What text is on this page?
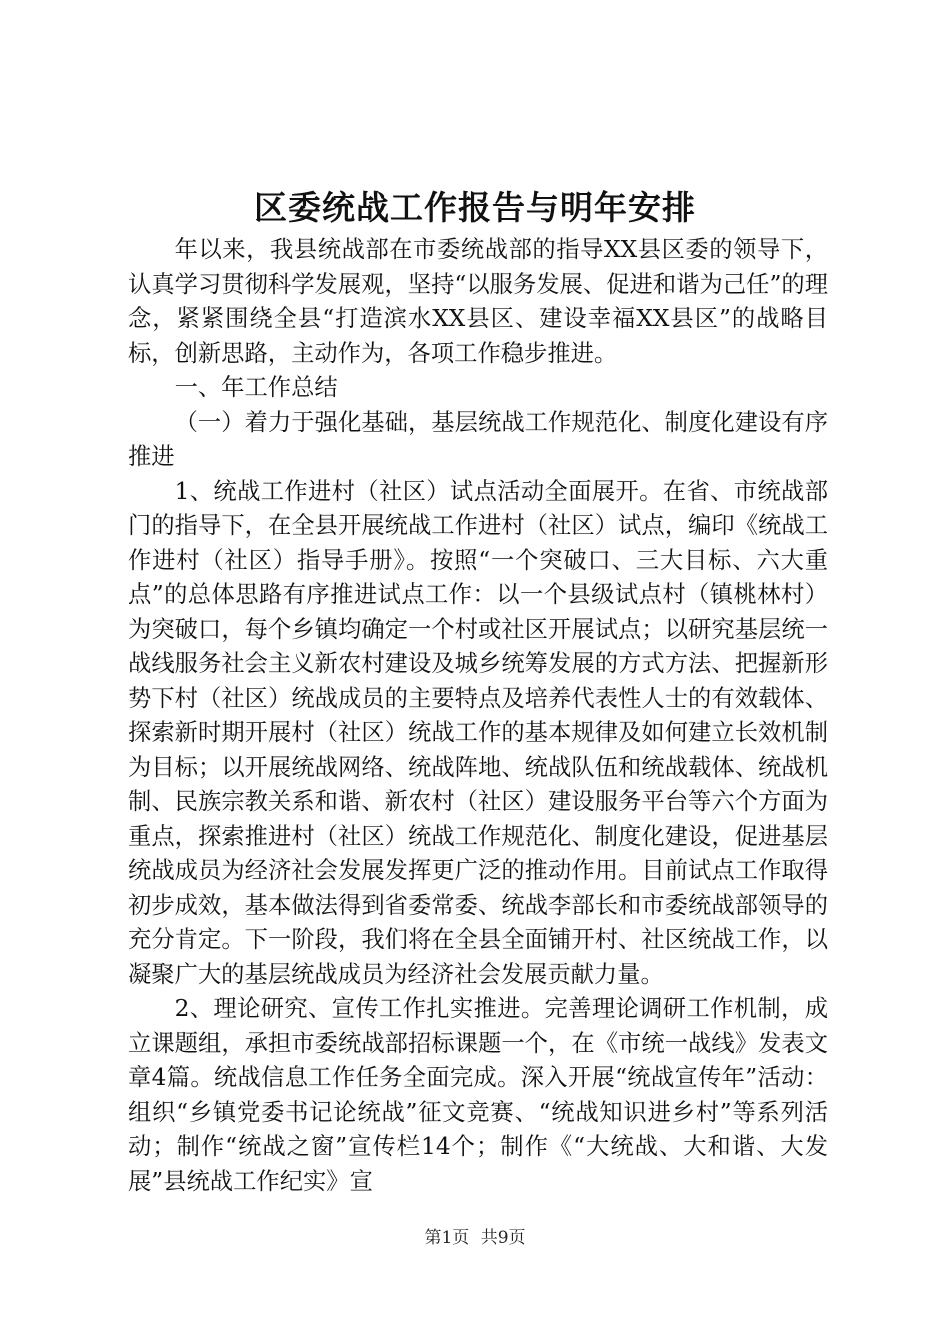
区委统战工作报告与明年安排

年以来，我县统战部在市委统战部的指导XX县区委的领导下，认真学习贯彻科学发展观，坚持“以服务发展、促进和谐为己任”的理念，紧紧围绕全县“打造滨水XX县区、建设幸福XX县区”的战略目标，创新思路，主动作为，各项工作稳步推进。

一、年工作总结

（一）着力于强化基础，基层统战工作规范化、制度化建设有序推进

1、统战工作进村（社区）试点活动全面展开。在省、市统战部门的指导下，在全县开展统战工作进村（社区）试点，编印《统战工作进村（社区）指导手册》。按照“一个突破口、三大目标、六大重点”的总体思路有序推进试点工作：以一个县级试点村（镇桃林村）为突破口，每个乡镇均确定一个村或社区开展试点；以研究基层统一战线服务社会主义新农村建设及城乡统筹发展的方式方法、把握新形势下村（社区）统战成员的主要特点及培养代表性人士的有效载体、探索新时期开展村（社区）统战工作的基本规律及如何建立长效机制为目标；以开展统战网络、统战阵地、统战队伍和统战载体、统战机制、民族宗教关系和谐、新农村（社区）建设服务平台等六个方面为重点，探索推进村（社区）统战工作规范化、制度化建设，促进基层统战成员为经济社会发展发挥更广泛的推动作用。目前试点工作取得初步成效，基本做法得到省委常委、统战李部长和市委统战部领导的充分肯定。下一阶段，我们将在全县全面铺开村、社区统战工作，以凝聚广大的基层统战成员为经济社会发展贡献力量。

2、理论研究、宣传工作扎实推进。完善理论调研工作机制，成立课题组，承担市委统战部招标课题一个，在《市统一战线》发表文章4篇。统战信息工作任务全面完成。深入开展“统战宣传年”活动：组织“乡镇党委书记论统战”征文竞赛、“统战知识进乡村”等系列活动；制作“统战之窗”宣传栏14个；制作《“大统战、大和谐、大发展”县统战工作纪实》宣

第1页 共9页
